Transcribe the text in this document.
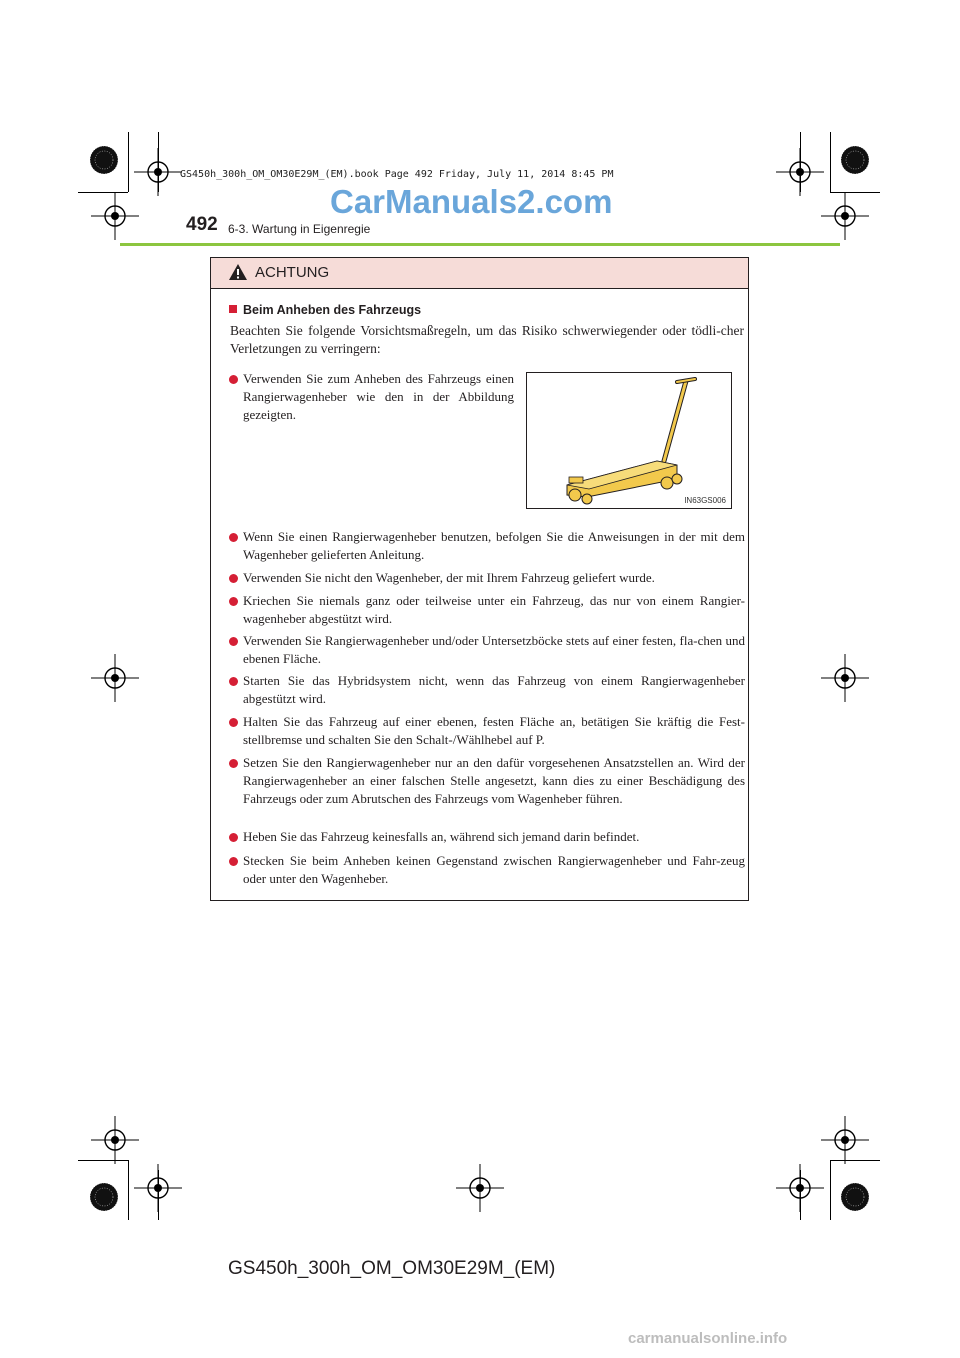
GS450h_300h_OM_OM30E29M_(EM).book Page 492 Friday, July 11, 2014 8:45 PM
CarManuals2.com
492 6-3. Wartung in Eigenregie
ACHTUNG
Beim Anheben des Fahrzeugs
Beachten Sie folgende Vorsichtsmaßregeln, um das Risiko schwerwiegender oder tödli-cher Verletzungen zu verringern:
Verwenden Sie zum Anheben des Fahrzeugs einen Rangierwagenheber wie den in der Abbildung gezeigten.
IN63GS006
Wenn Sie einen Rangierwagenheber benutzen, befolgen Sie die Anweisungen in der mit dem Wagenheber gelieferten Anleitung.
Verwenden Sie nicht den Wagenheber, der mit Ihrem Fahrzeug geliefert wurde.
Kriechen Sie niemals ganz oder teilweise unter ein Fahrzeug, das nur von einem Rangier-wagenheber abgestützt wird.
Verwenden Sie Rangierwagenheber und/oder Untersetzböcke stets auf einer festen, fla-chen und ebenen Fläche.
Starten Sie das Hybridsystem nicht, wenn das Fahrzeug von einem Rangierwagenheber abgestützt wird.
Halten Sie das Fahrzeug auf einer ebenen, festen Fläche an, betätigen Sie kräftig die Fest-stellbremse und schalten Sie den Schalt-/Wählhebel auf P.
Setzen Sie den Rangierwagenheber nur an den dafür vorgesehenen Ansatzstellen an. Wird der Rangierwagenheber an einer falschen Stelle angesetzt, kann dies zu einer Beschädigung des Fahrzeugs oder zum Abrutschen des Fahrzeugs vom Wagenheber führen.
Heben Sie das Fahrzeug keinesfalls an, während sich jemand darin befindet.
Stecken Sie beim Anheben keinen Gegenstand zwischen Rangierwagenheber und Fahr-zeug oder unter den Wagenheber.
GS450h_300h_OM_OM30E29M_(EM)
carmanualsonline.info
